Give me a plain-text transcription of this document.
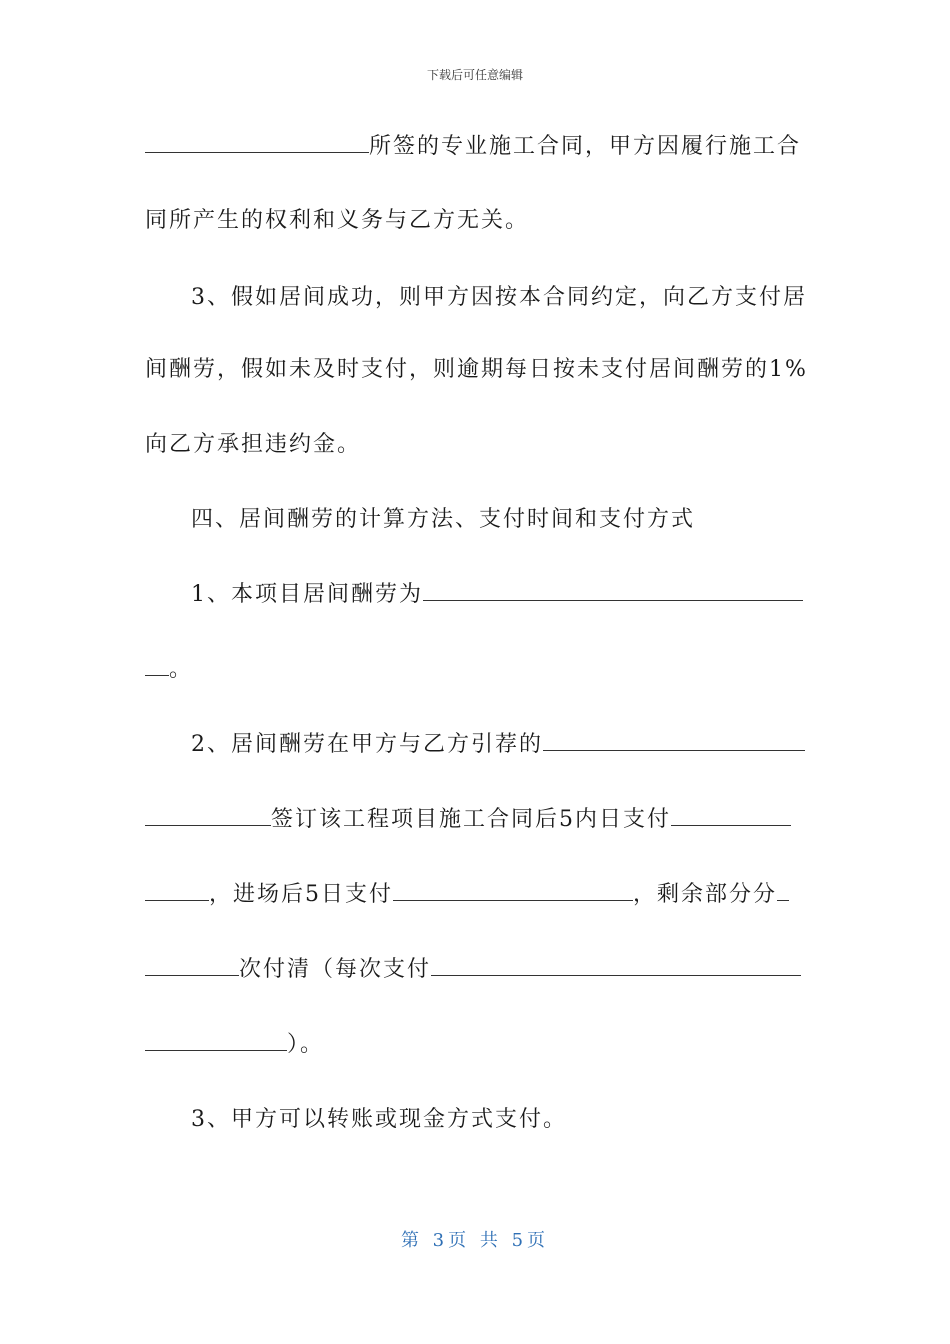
下载后可任意编辑
所签的专业施工合同，甲方因履行施工合
同所产生的权利和义务与乙方无关。
3、假如居间成功，则甲方因按本合同约定，向乙方支付居
间酬劳，假如未及时支付，则逾期每日按未支付居间酬劳的1%
向乙方承担违约金。
四、居间酬劳的计算方法、支付时间和支付方式
1、本项目居间酬劳为
。
2、居间酬劳在甲方与乙方引荐的
签订该工程项目施工合同后5内日支付
，进场后5日支付	，剩余部分分
次付清（每次支付
）。
3、甲方可以转账或现金方式支付。
第 3页 共 5页
